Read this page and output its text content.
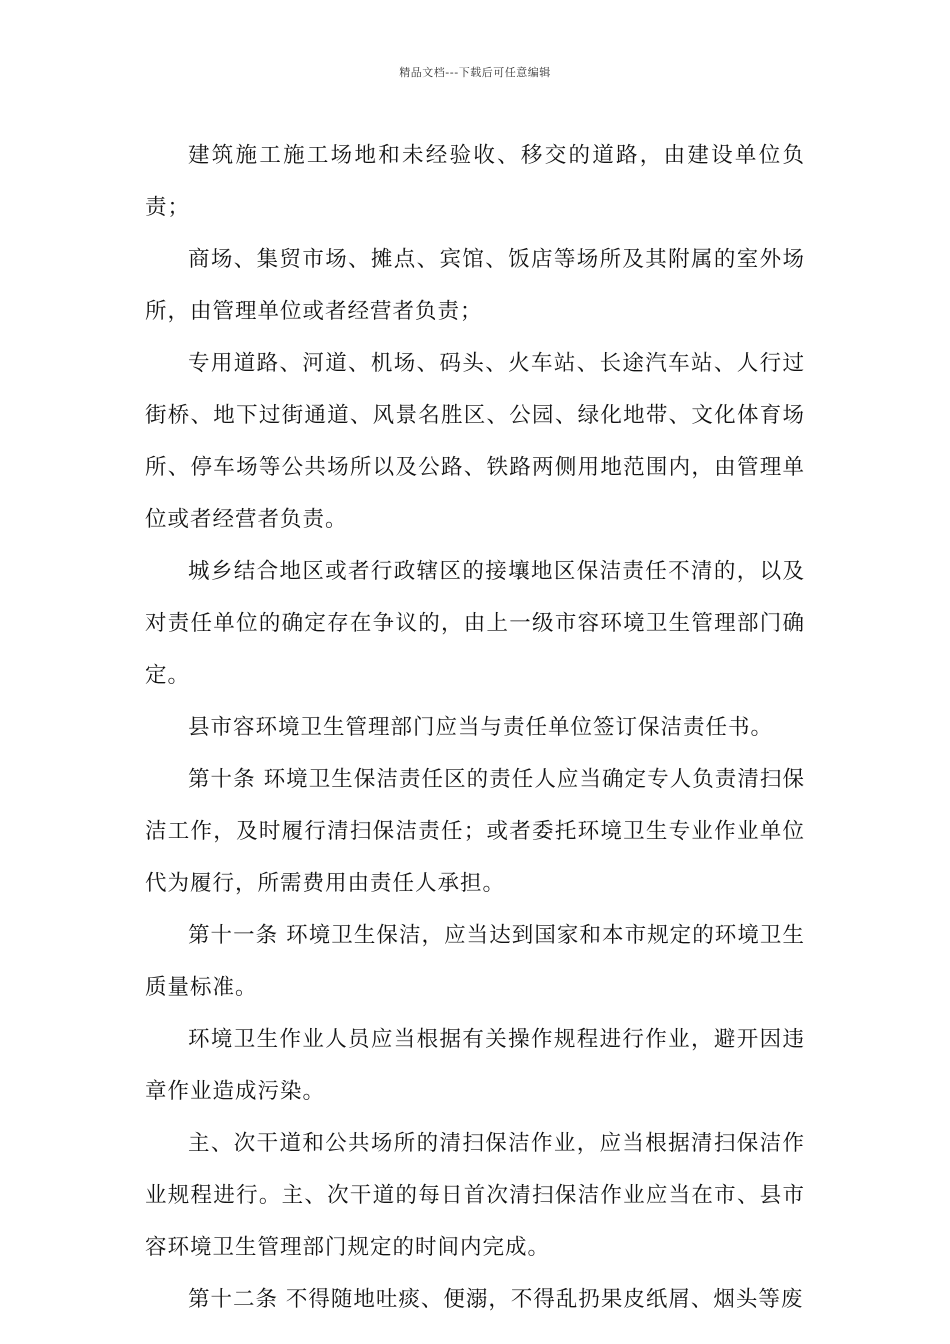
精品文档---下载后可任意编辑

建筑施工施工场地和未经验收、移交的道路，由建设单位负责；

商场、集贸市场、摊点、宾馆、饭店等场所及其附属的室外场所，由管理单位或者经营者负责；

专用道路、河道、机场、码头、火车站、长途汽车站、人行过街桥、地下过街通道、风景名胜区、公园、绿化地带、文化体育场所、停车场等公共场所以及公路、铁路两侧用地范围内，由管理单位或者经营者负责。

城乡结合地区或者行政辖区的接壤地区保洁责任不清的，以及对责任单位的确定存在争议的，由上一级市容环境卫生管理部门确定。

县市容环境卫生管理部门应当与责任单位签订保洁责任书。

第十条 环境卫生保洁责任区的责任人应当确定专人负责清扫保洁工作，及时履行清扫保洁责任；或者委托环境卫生专业作业单位代为履行，所需费用由责任人承担。

第十一条 环境卫生保洁，应当达到国家和本市规定的环境卫生质量标准。

环境卫生作业人员应当根据有关操作规程进行作业，避开因违章作业造成污染。

主、次干道和公共场所的清扫保洁作业，应当根据清扫保洁作业规程进行。主、次干道的每日首次清扫保洁作业应当在市、县市容环境卫生管理部门规定的时间内完成。

第十二条 不得随地吐痰、便溺，不得乱扔果皮纸屑、烟头等废
